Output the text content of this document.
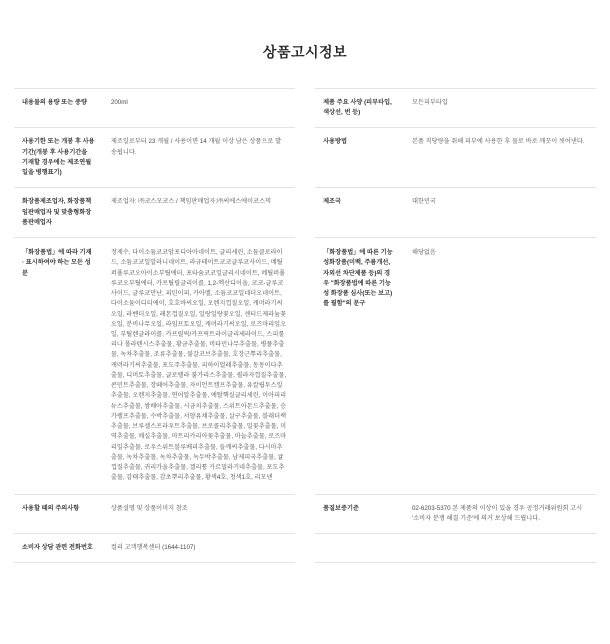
상품고시정보
내용물의 용량 또는 중량	200ml		제품 주요 사양 (피부타입, 색상선, 번 등)	모든피부타입
사용기한 또는 개봉 후 사용기간(개봉 후 사용기간을 기재할 경우에는 제조연월일을 병행표기)	제조일로부터 23 개월 / 사용이면 14 개월 이상 남은 상품으로 발송됩니다.		사용방법	본품 직당량을 취해 피부에 사용한 후 물로 바로 깨끗이 씻어낸다.
화장품제조업자, 화장품책임판매업자 및 맞춤형화장품판매업자	제조업자: ㈜코스모코스 / 책임판매업자:㈜씨에스에이코스믹		제조국	대한민국
「화장품법」에 따라 기재 · 표시하여야 하는 모든 성분	정제수, 다이소듐코코암포디아아네이트, 글리세린, 소듐클로라이드, 소듐코코일알라니네이트, 라규테이트코코글루코사이드, 메틸퍼퓰루코오아이소부틸에터, 포타슘코코일글리시네이트, 메틸퍼퓰루코오부틸에터, 카프틸릴글리이콜, 1,2-엑산디이올, 코코-글루코사이드, 글루코만난, 피틴이피, 카아멜, 소듐코코일네더오네이트, 다이소듐이디티에이, 호호바씨오일, 오렌지껍질오일, 캐머라기씨오일, 라벤더오일, 레몬껍질오일, 일랑일랑꽃오일, 센터드제라늄꽃오일, 분비나무오일, 라임프토오일, 캐머라기씨오일, 로즈마리잎오일, 부틸렌글라이콜, 카프릴릭/카프릭트라이글리세라이드, 스피룰리나 폴라텐시스추출물, 황금추출물, 비타민나무추출물, 병풀추출물, 녹차추출물, 조류추출물, 불갈코브추출물, 호장근뿌리추출물, 캐머라기씨추출물, 포도주추출물, 피하이얼레추출물, 동동이다추출물, 디머토추출물, 글로렐라 불가리스추출물, 퀼라자껍질추출물, 콘민트추출물, 장떼어추출물, 자이언트캠프추출물, 유칼립투스잎추출물, 오렌지추출물, 연어알추출물, 에탈헥실글리세린, 이아피리뉴스추출물, 쌈배아추출물, 시금치추출물, 스위트아몬드추출물, 승가렐프추출물, 수박추출물, 서양유채추출물, 살구추출물, 블래더랙추출물, 브루셀스프라우트추출물, 브로콜리추출물, 밀꽃추출물, 미역추출물, 매실추출물, 마트리카리아꽃추출물, 마늘추출물, 로즈마리잎추출물, 로우스위트블루베리추출물, 들깨씨추출물, 다시마추출물, 녹차추출물, 녹차추출물, 녹두박추출물, 남제피국추출물, 귤껍질추출물, 귀리가울추출물, 겔리퉁 카르밀라기네추출물, 포도추출물, 감태추출물, 감초뿌리추출물, 황색4호, 청색1호, 리모넨		「화장품법」에 따른 기능성화장품(미백, 주름개선, 자외선 차단제품 등)의 경우 "화장품법에 따른 기능성 화장품 심사(또는 보고)를 필함"의 문구	해당없음
사용할 때의 주의사항	상품설명 및 상품이미지 참조		품질보증기준	02-6203-5370 본 제품의 이상이 있을 경우 공정거래위원회 고시 '소비자 분쟁 해결 기준'에 의거 보상해 드립니다.
소비자 상담 관련 전화번호	컬리 고객행복센터 (1644-1107)			
